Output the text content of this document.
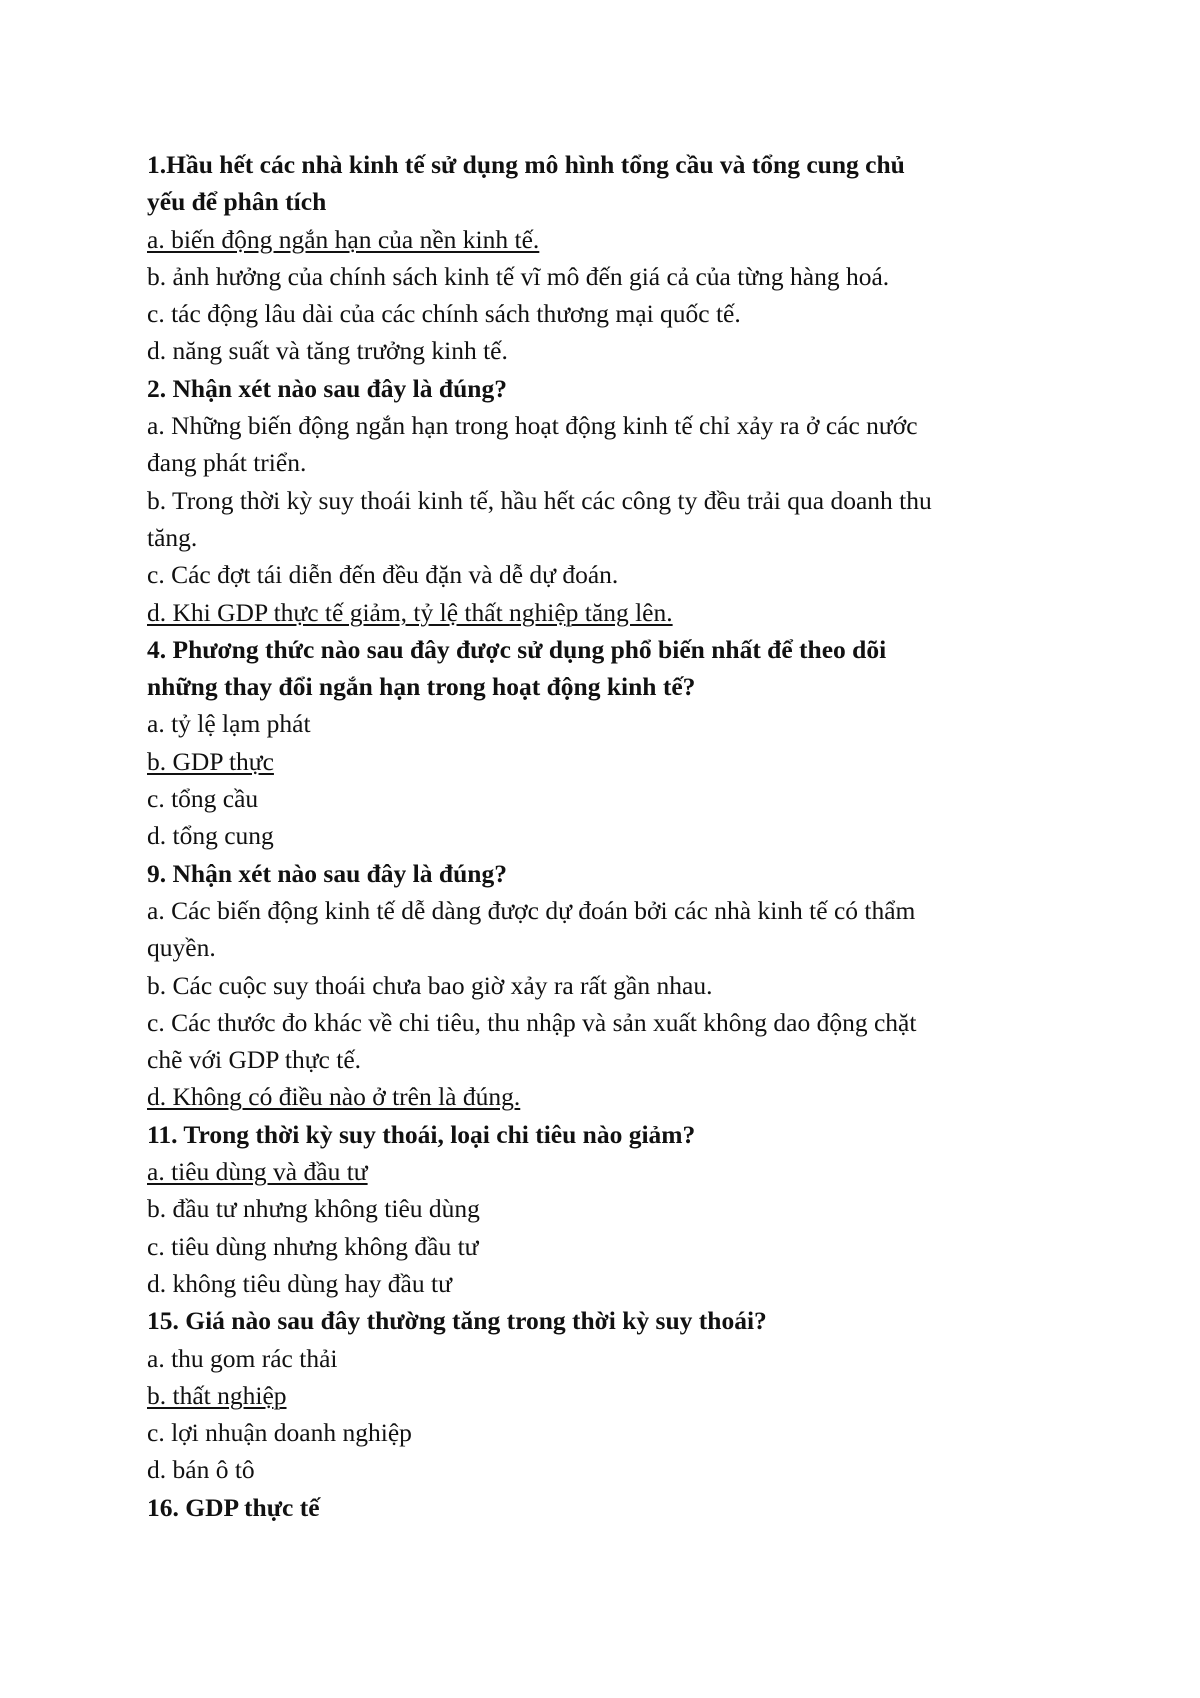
1.Hầu hết các nhà kinh tế sử dụng mô hình tổng cầu và tổng cung chủ
yếu để phân tích
a. biến động ngắn hạn của nền kinh tế.
b. ảnh hưởng của chính sách kinh tế vĩ mô đến giá cả của từng hàng hoá.
c. tác động lâu dài của các chính sách thương mại quốc tế.
d. năng suất và tăng trưởng kinh tế.
2. Nhận xét nào sau đây là đúng?
a. Những biến động ngắn hạn trong hoạt động kinh tế chỉ xảy ra ở các nước
đang phát triển.
b. Trong thời kỳ suy thoái kinh tế, hầu hết các công ty đều trải qua doanh thu
tăng.
c. Các đợt tái diễn đến đều đặn và dễ dự đoán.
d. Khi GDP thực tế giảm, tỷ lệ thất nghiệp tăng lên.
4. Phương thức nào sau đây được sử dụng phổ biến nhất để theo dõi
những thay đổi ngắn hạn trong hoạt động kinh tế?
a. tỷ lệ lạm phát
b. GDP thực
c. tổng cầu
d. tổng cung
9. Nhận xét nào sau đây là đúng?
a. Các biến động kinh tế dễ dàng được dự đoán bởi các nhà kinh tế có thẩm
quyền.
b. Các cuộc suy thoái chưa bao giờ xảy ra rất gần nhau.
c. Các thước đo khác về chi tiêu, thu nhập và sản xuất không dao động chặt
chẽ với GDP thực tế.
d. Không có điều nào ở trên là đúng.
11. Trong thời kỳ suy thoái, loại chi tiêu nào giảm?
a. tiêu dùng và đầu tư
b. đầu tư nhưng không tiêu dùng
c. tiêu dùng nhưng không đầu tư
d. không tiêu dùng hay đầu tư
15. Giá nào sau đây thường tăng trong thời kỳ suy thoái?
a. thu gom rác thải
b. thất nghiệp
c. lợi nhuận doanh nghiệp
d. bán ô tô
16. GDP thực tế
